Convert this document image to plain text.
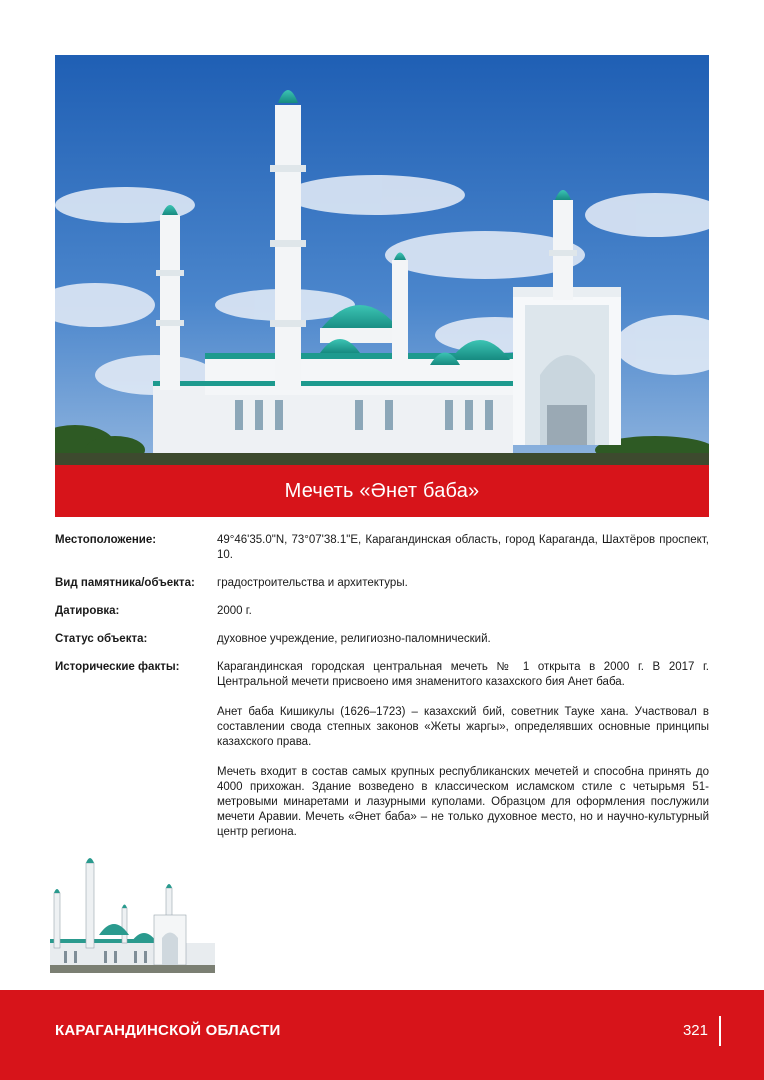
Мечеть «Әнет баба»
Местоположение:	49°46'35.0"N, 73°07'38.1"E, Карагандинская область, город Караганда, Шахтёров проспект, 10.

Вид памятника/объекта:	градостроительства и архитектуры.

Датировка:	2000 г.

Статус объекта:	духовное учреждение, религиозно-паломнический.

Исторические факты:	Карагандинская городская центральная мечеть № 1 открыта в 2000 г. В 2017 г. Центральной мечети присвоено имя знаменитого казахского бия Анет баба.

Анет баба Кишикулы (1626–1723) – казахский бий, советник Тауке хана. Участвовал в составлении свода степных законов «Жеты жаргы», определявших основные принципы казахского права.

Мечеть входит в состав самых крупных республиканских мечетей и способна принять до 4000 прихожан. Здание возведено в классическом исламском стиле с четырьмя 51-метровыми минаретами и лазурными куполами. Образцом для оформления послужили мечети Аравии. Мечеть «Әнет баба» – не только духовное место, но и научно-культурный центр региона.

КАРАГАНДИНСКОЙ ОБЛАСТИ	321
